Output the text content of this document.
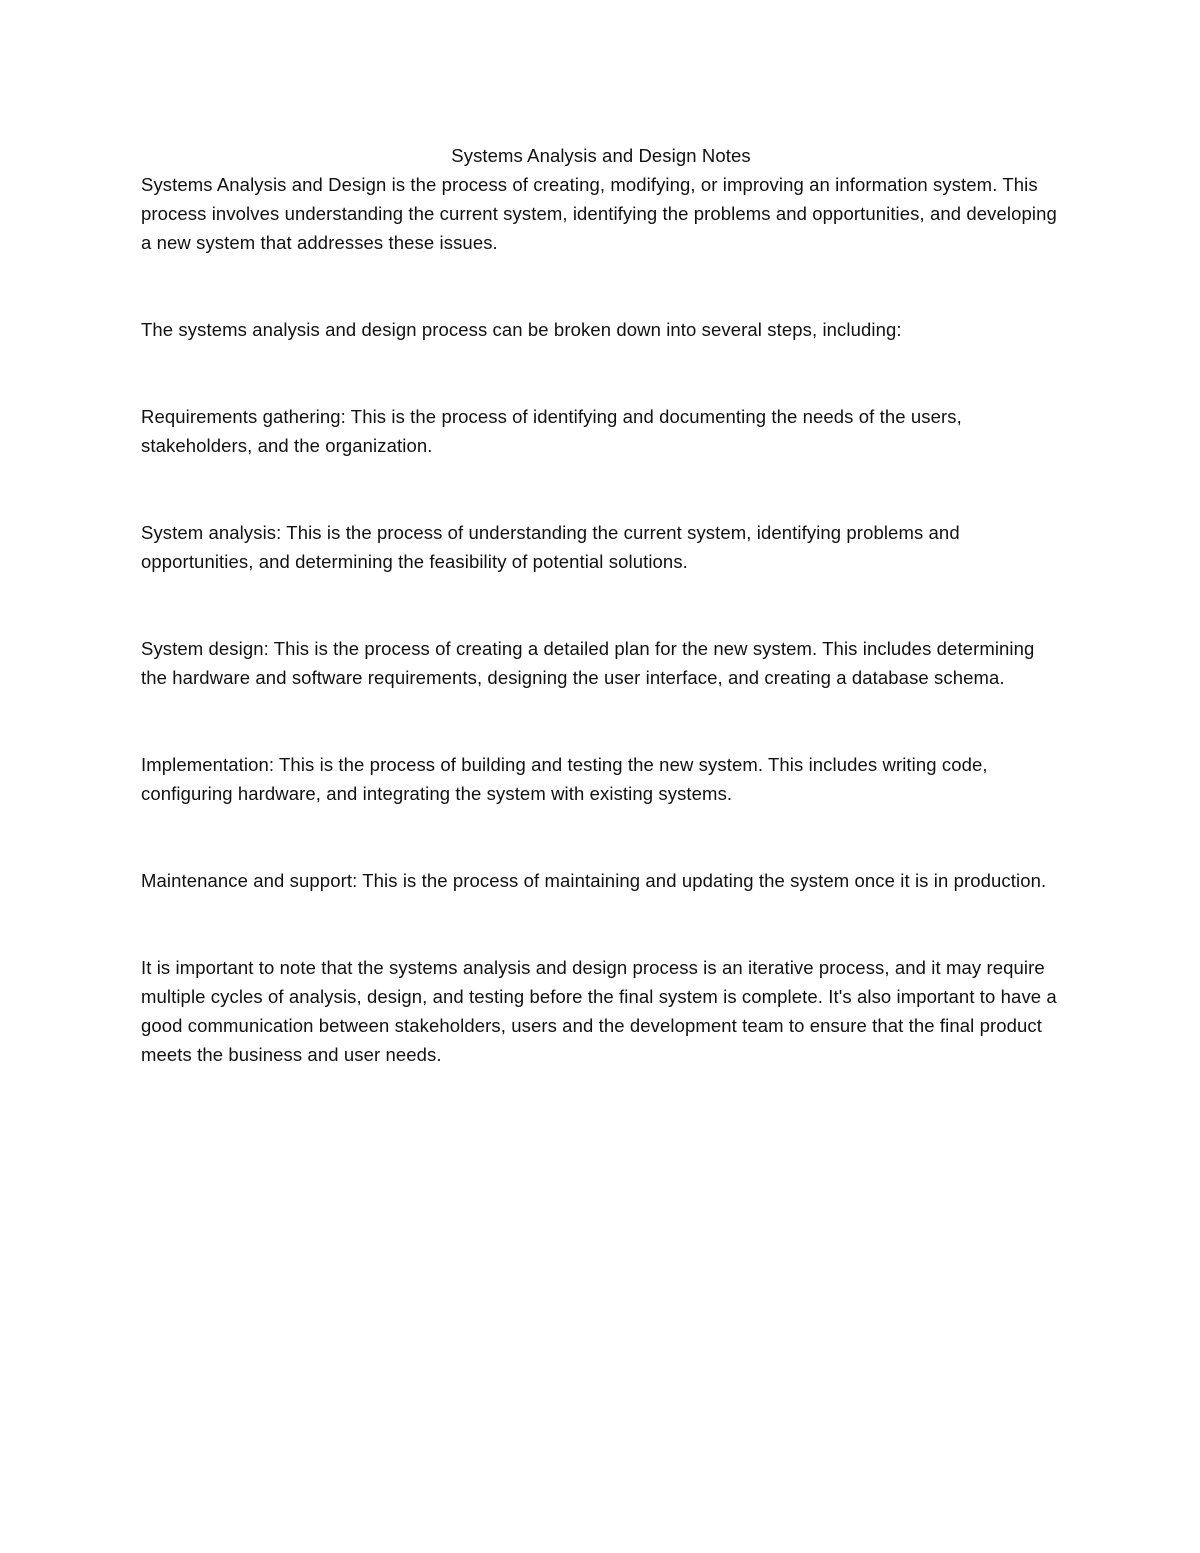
Systems Analysis and Design Notes

Systems Analysis and Design is the process of creating, modifying, or improving an information system. This process involves understanding the current system, identifying the problems and opportunities, and developing a new system that addresses these issues.

The systems analysis and design process can be broken down into several steps, including:

Requirements gathering: This is the process of identifying and documenting the needs of the users, stakeholders, and the organization.

System analysis: This is the process of understanding the current system, identifying problems and opportunities, and determining the feasibility of potential solutions.

System design: This is the process of creating a detailed plan for the new system. This includes determining the hardware and software requirements, designing the user interface, and creating a database schema.

Implementation: This is the process of building and testing the new system. This includes writing code, configuring hardware, and integrating the system with existing systems.

Maintenance and support: This is the process of maintaining and updating the system once it is in production.

It is important to note that the systems analysis and design process is an iterative process, and it may require multiple cycles of analysis, design, and testing before the final system is complete. It's also important to have a good communication between stakeholders, users and the development team to ensure that the final product meets the business and user needs.
